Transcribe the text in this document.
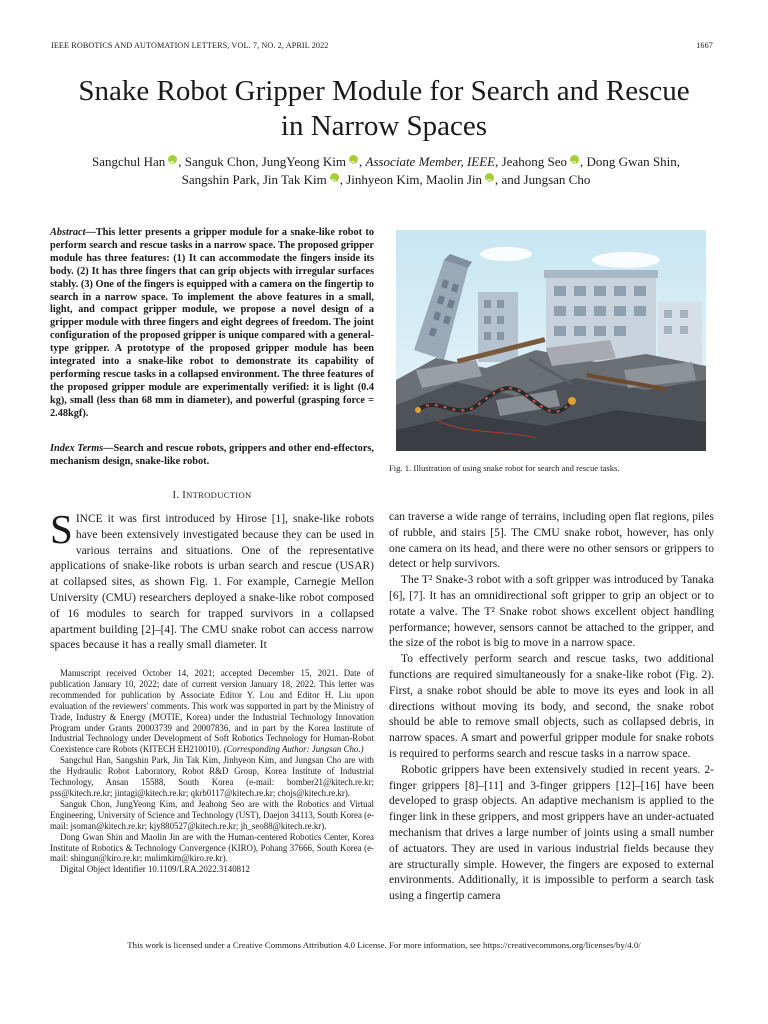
IEEE ROBOTICS AND AUTOMATION LETTERS, VOL. 7, NO. 2, APRIL 2022	1667
Snake Robot Gripper Module for Search and Rescue
in Narrow Spaces
Sangchul Han iD , Sanguk Chon, JungYeong Kim iD , Associate Member, IEEE, Jeahong Seo iD , Dong Gwan Shin,
Sangshin Park, Jin Tak Kim iD , Jinhyeon Kim, Maolin Jin iD , and Jungsan Cho
Abstract—This letter presents a gripper module for a snake-like robot to perform search and rescue tasks in a narrow space. The proposed gripper module has three features: (1) It can accommodate the fingers inside its body. (2) It has three fingers that can grip objects with irregular surfaces stably. (3) One of the fingers is equipped with a camera on the fingertip to search in a narrow space. To implement the above features in a small, light, and compact gripper module, we propose a novel design of a gripper module with three fingers and eight degrees of freedom. The joint configuration of the proposed gripper is unique compared with a general-type gripper. A prototype of the proposed gripper module has been integrated into a snake-like robot to demonstrate its capability of performing rescue tasks in a collapsed environment. The three features of the proposed gripper module are experimentally verified: it is light (0.4 kg), small (less than 68 mm in diameter), and powerful (grasping force = 2.48kgf).
Index Terms—Search and rescue robots, grippers and other end-effectors, mechanism design, snake-like robot.
I. INTRODUCTION
SINCE it was first introduced by Hirose [1], snake-like robots have been extensively investigated because they can be used in various terrains and situations. One of the representative applications of snake-like robots is urban search and rescue (USAR) at collapsed sites, as shown Fig. 1. For example, Carnegie Mellon University (CMU) researchers deployed a snake-like robot composed of 16 modules to search for trapped survivors in a collapsed apartment building [2]–[4]. The CMU snake robot can access narrow spaces because it has a really small diameter. It

Manuscript received October 14, 2021; accepted December 15, 2021. Date of publication January 10, 2022; date of current version January 18, 2022. This letter was recommended for publication by Associate Editor Y. Lou and Editor H. Liu upon evaluation of the reviewers' comments. This work was supported in part by the Ministry of Trade, Industry & Energy (MOTIE, Korea) under the Industrial Technology Innovation Program under Grants 20003739 and 20007836, and in part by the Korea Institute of Industrial Technology under Development of Soft Robotics Technology for Human-Robot Coexistence care Robots (KITECH EH210010). (Corresponding Author: Jungsan Cho.)

Sangchul Han, Sangshin Park, Jin Tak Kim, Jinhyeon Kim, and Jungsan Cho are with the Hydraulic Robot Laboratory, Robot R&D Group, Korea Institute of Industrial Technology, Ansan 15588, South Korea (e-mail: bomber21@kitech.re.kr; pss@kitech.re.kr; jintagi@kitech.re.kr; qkrb0117@kitech.re.kr; chojs@kitech.re.kr).

Sanguk Chon, JungYeong Kim, and Jeahong Seo are with the Robotics and Virtual Engineering, University of Science and Technology (UST), Daejon 34113, South Korea (e-mail: jsoman@kitech.re.kr; kjy880527@kitech.re.kr; jh_seo88@kitech.re.kr).

Dong Gwan Shin and Maolin Jin are with the Human-centered Robotics Center, Korea Institute of Robotics & Technology Convergence (KIRO), Pohang 37666, South Korea (e-mail: shingun@kiro.re.kr; mulimkim@kiro.re.kr).

Digital Object Identifier 10.1109/LRA.2022.3140812

Fig. 1. Illustration of using snake robot for search and rescue tasks.

can traverse a wide range of terrains, including open flat regions, piles of rubble, and stairs [5]. The CMU snake robot, however, has only one camera on its head, and there were no other sensors or grippers to detect or help survivors.

The T² Snake-3 robot with a soft gripper was introduced by Tanaka [6], [7]. It has an omnidirectional soft gripper to grip an object or to rotate a valve. The T² Snake robot shows excellent object handling performance; however, sensors cannot be attached to the gripper, and the size of the robot is big to move in a narrow space.

To effectively perform search and rescue tasks, two additional functions are required simultaneously for a snake-like robot (Fig. 2). First, a snake robot should be able to move its eyes and look in all directions without moving its body, and second, the snake robot should be able to remove small objects, such as collapsed debris, in narrow spaces. A smart and powerful gripper module for snake robots is required to performs search and rescue tasks in a narrow space.

Robotic grippers have been extensively studied in recent years. 2-finger grippers [8]–[11] and 3-finger grippers [12]–[16] have been developed to grasp objects. An adaptive mechanism is applied to the finger link in these grippers, and most grippers have an under-actuated mechanism that drives a large number of joints using a small number of actuators. They are used in various industrial fields because they are structurally simple. However, the fingers are exposed to external environments. Additionally, it is impossible to perform a search task using a fingertip camera

This work is licensed under a Creative Commons Attribution 4.0 License. For more information, see https://creativecommons.org/licenses/by/4.0/
